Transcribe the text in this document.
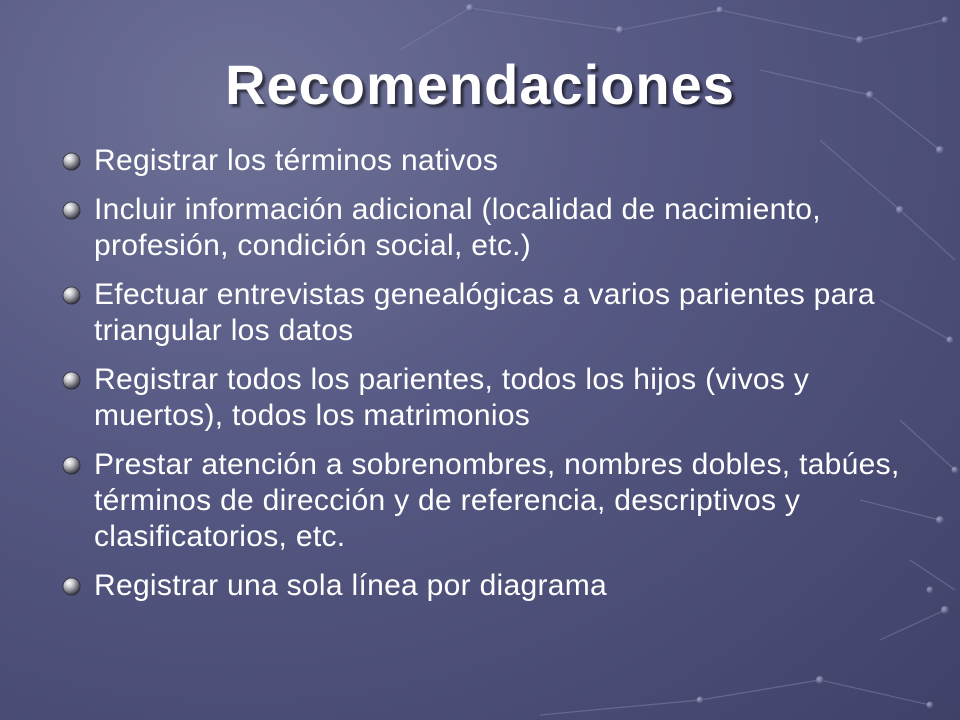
Recomendaciones
Registrar los términos nativos
Incluir información adicional (localidad de nacimiento, profesión, condición social, etc.)
Efectuar entrevistas genealógicas a varios parientes para triangular los datos
Registrar todos los parientes, todos los hijos (vivos y muertos), todos los matrimonios
Prestar atención a sobrenombres, nombres dobles, tabúes, términos de dirección y de referencia, descriptivos y clasificatorios, etc.
Registrar una sola línea por diagrama
